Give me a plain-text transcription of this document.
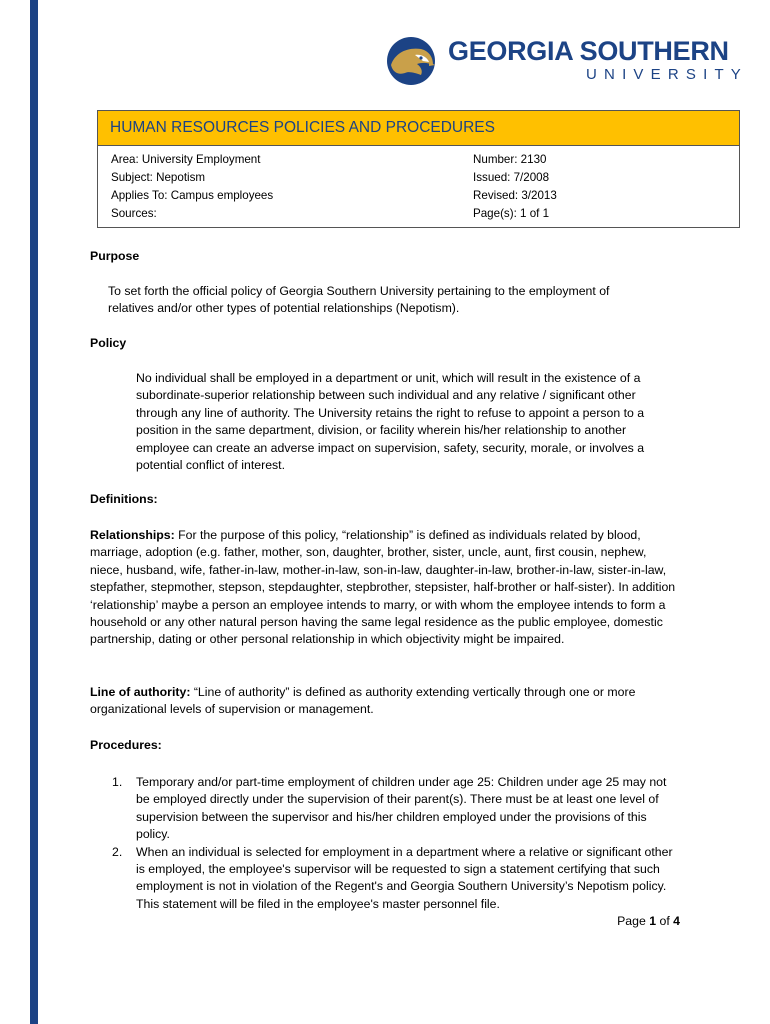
GEORGIA SOUTHERN
UNIVERSITY
HUMAN RESOURCES POLICIES AND PROCEDURES
Area: University Employment
Subject: Nepotism
Applies To: Campus employees
Sources:
Number: 2130
Issued: 7/2008
Revised: 3/2013
Page(s): 1 of 1
Purpose
To set forth the official policy of Georgia Southern University pertaining to the employment of relatives and/or other types of potential relationships (Nepotism).
Policy
No individual shall be employed in a department or unit, which will result in the existence of a subordinate-superior relationship between such individual and any relative / significant other through any line of authority. The University retains the right to refuse to appoint a person to a position in the same department, division, or facility wherein his/her relationship to another employee can create an adverse impact on supervision, safety, security, morale, or involves a potential conflict of interest.
Definitions:
Relationships: For the purpose of this policy, “relationship” is defined as individuals related by blood, marriage, adoption (e.g. father, mother, son, daughter, brother, sister, uncle, aunt, first cousin, nephew, niece, husband, wife, father-in-law, mother-in-law, son-in-law, daughter-in-law, brother-in-law, sister-in-law, stepfather, stepmother, stepson, stepdaughter, stepbrother, stepsister, half-brother or half-sister). In addition ‘relationship’ maybe a person an employee intends to marry, or with whom the employee intends to form a household or any other natural person having the same legal residence as the public employee, domestic partnership, dating or other personal relationship in which objectivity might be impaired.
Line of authority: “Line of authority” is defined as authority extending vertically through one or more organizational levels of supervision or management.
Procedures:
1. Temporary and/or part-time employment of children under age 25: Children under age 25 may not be employed directly under the supervision of their parent(s). There must be at least one level of supervision between the supervisor and his/her children employed under the provisions of this policy.
2. When an individual is selected for employment in a department where a relative or significant other is employed, the employee's supervisor will be requested to sign a statement certifying that such employment is not in violation of the Regent's and Georgia Southern University’s Nepotism policy. This statement will be filed in the employee's master personnel file.
Page 1 of 4
